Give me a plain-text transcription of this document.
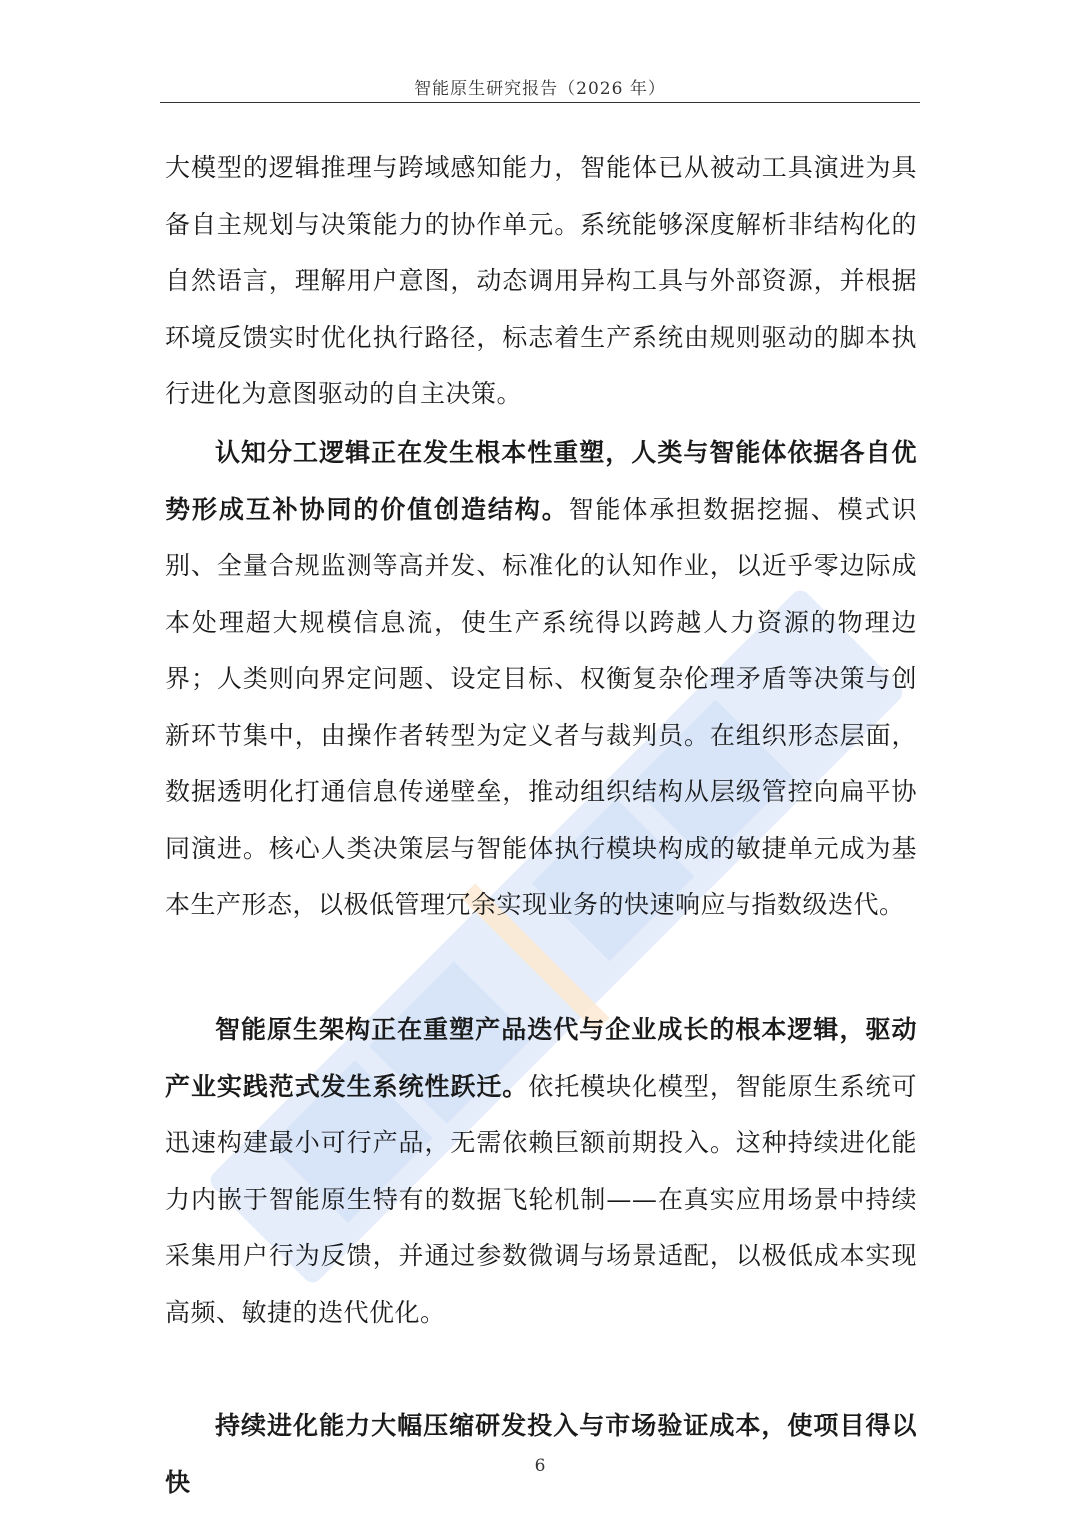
智能原生研究报告（2026 年）
大模型的逻辑推理与跨域感知能力，智能体已从被动工具演进为具备自主规划与决策能力的协作单元。系统能够深度解析非结构化的自然语言，理解用户意图，动态调用异构工具与外部资源，并根据环境反馈实时优化执行路径，标志着生产系统由规则驱动的脚本执行进化为意图驱动的自主决策。
认知分工逻辑正在发生根本性重塑，人类与智能体依据各自优势形成互补协同的价值创造结构。智能体承担数据挖掘、模式识别、全量合规监测等高并发、标准化的认知作业，以近乎零边际成本处理超大规模信息流，使生产系统得以跨越人力资源的物理边界；人类则向界定问题、设定目标、权衡复杂伦理矛盾等决策与创新环节集中，由操作者转型为定义者与裁判员。在组织形态层面，数据透明化打通信息传递壁垒，推动组织结构从层级管控向扁平协同演进。核心人类决策层与智能体执行模块构成的敏捷单元成为基本生产形态，以极低管理冗余实现业务的快速响应与指数级迭代。
智能原生架构正在重塑产品迭代与企业成长的根本逻辑，驱动产业实践范式发生系统性跃迁。依托模块化模型，智能原生系统可迅速构建最小可行产品，无需依赖巨额前期投入。这种持续进化能力内嵌于智能原生特有的数据飞轮机制——在真实应用场景中持续采集用户行为反馈，并通过参数微调与场景适配，以极低成本实现高频、敏捷的迭代优化。
持续进化能力大幅压缩研发投入与市场验证成本，使项目得以快
6
